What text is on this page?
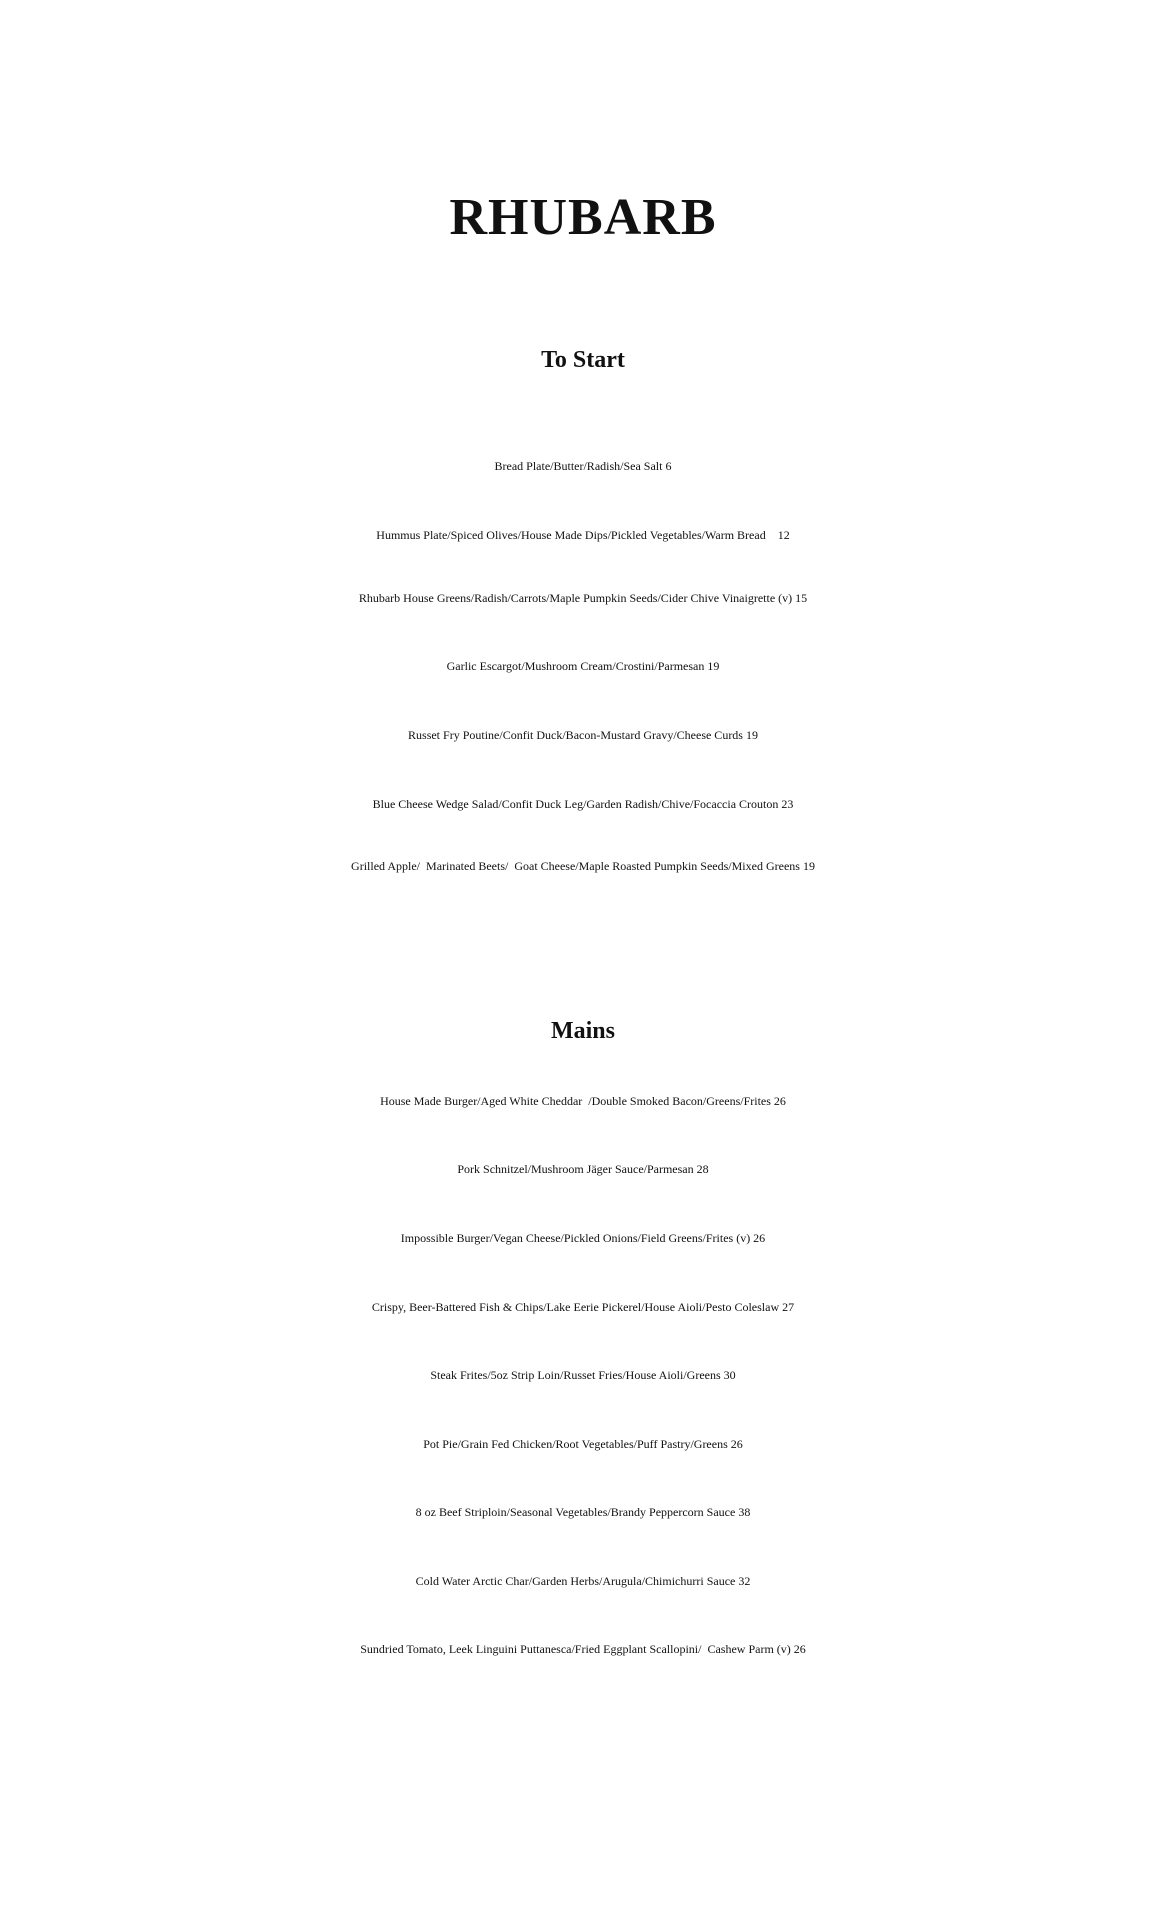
RHUBARB
To Start
Bread Plate/Butter/Radish/Sea Salt 6
Hummus Plate/Spiced Olives/House Made Dips/Pickled Vegetables/Warm Bread    12
Rhubarb House Greens/Radish/Carrots/Maple Pumpkin Seeds/Cider Chive Vinaigrette (v) 15
Garlic Escargot/Mushroom Cream/Crostini/Parmesan 19
Russet Fry Poutine/Confit Duck/Bacon-Mustard Gravy/Cheese Curds 19
Blue Cheese Wedge Salad/Confit Duck Leg/Garden Radish/Chive/Focaccia Crouton 23
Grilled Apple/  Marinated Beets/  Goat Cheese/Maple Roasted Pumpkin Seeds/Mixed Greens 19
Mains
House Made Burger/Aged White Cheddar  /Double Smoked Bacon/Greens/Frites 26
Pork Schnitzel/Mushroom Jäger Sauce/Parmesan 28
Impossible Burger/Vegan Cheese/Pickled Onions/Field Greens/Frites (v) 26
Crispy, Beer-Battered Fish & Chips/Lake Eerie Pickerel/House Aioli/Pesto Coleslaw 27
Steak Frites/5oz Strip Loin/Russet Fries/House Aioli/Greens 30
Pot Pie/Grain Fed Chicken/Root Vegetables/Puff Pastry/Greens 26
8 oz Beef Striploin/Seasonal Vegetables/Brandy Peppercorn Sauce 38
Cold Water Arctic Char/Garden Herbs/Arugula/Chimichurri Sauce 32
Sundried Tomato, Leek Linguini Puttanesca/Fried Eggplant Scallopini/  Cashew Parm (v) 26
